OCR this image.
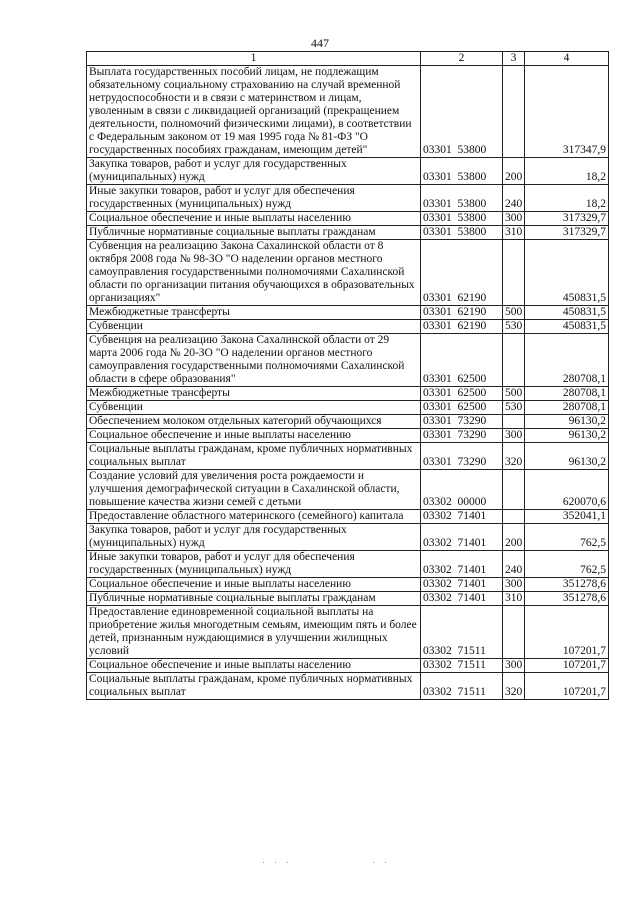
447
1	2	3	4
Выплата государственных пособий лицам, не подлежащим обязательному социальному страхованию на случай временной нетрудоспособности и в связи с материнством и лицам, уволенным в связи с ликвидацией организаций (прекращением деятельности, полномочий физическими лицами), в соответствии с Федеральным законом от 19 мая 1995 года № 81-ФЗ "О государственных пособиях гражданам, имеющим детей"	03301  53800		317347,9
Закупка товаров, работ и услуг для государственных (муниципальных) нужд	03301  53800	200	18,2
Иные закупки товаров, работ и услуг для обеспечения государственных (муниципальных) нужд	03301  53800	240	18,2
Социальное обеспечение и иные выплаты населению	03301  53800	300	317329,7
Публичные нормативные социальные выплаты гражданам	03301  53800	310	317329,7
Субвенция на реализацию Закона Сахалинской области от 8 октября 2008 года № 98-ЗО "О наделении органов местного самоуправления государственными полномочиями Сахалинской области по организации питания обучающихся в образовательных организациях"	03301  62190		450831,5
Межбюджетные трансферты	03301  62190	500	450831,5
Субвенции	03301  62190	530	450831,5
Субвенция на реализацию Закона Сахалинской области от 29 марта 2006 года № 20-ЗО "О наделении органов местного самоуправления государственными полномочиями Сахалинской области в сфере образования"	03301  62500		280708,1
Межбюджетные трансферты	03301  62500	500	280708,1
Субвенции	03301  62500	530	280708,1
Обеспечением молоком отдельных категорий обучающихся	03301  73290		96130,2
Социальное обеспечение и иные выплаты населению	03301  73290	300	96130,2
Социальные выплаты гражданам, кроме публичных нормативных социальных выплат	03301  73290	320	96130,2
Создание условий для увеличения роста рождаемости и улучшения демографической ситуации в Сахалинской области, повышение качества жизни семей с детьми	03302  00000		620070,6
Предоставление областного материнского (семейного) капитала	03302  71401		352041,1
Закупка товаров, работ и услуг для государственных (муниципальных) нужд	03302  71401	200	762,5
Иные закупки товаров, работ и услуг для обеспечения государственных (муниципальных) нужд	03302  71401	240	762,5
Социальное обеспечение и иные выплаты населению	03302  71401	300	351278,6
Публичные нормативные социальные выплаты гражданам	03302  71401	310	351278,6
Предоставление единовременной социальной выплаты на приобретение жилья многодетным семьям, имеющим пять и более детей, признанным нуждающимися в улучшении жилищных условий	03302  71511		107201,7
Социальное обеспечение и иные выплаты населению	03302  71511	300	107201,7
Социальные выплаты гражданам, кроме публичных нормативных социальных выплат	03302  71511	320	107201,7
· · ·	· ·
